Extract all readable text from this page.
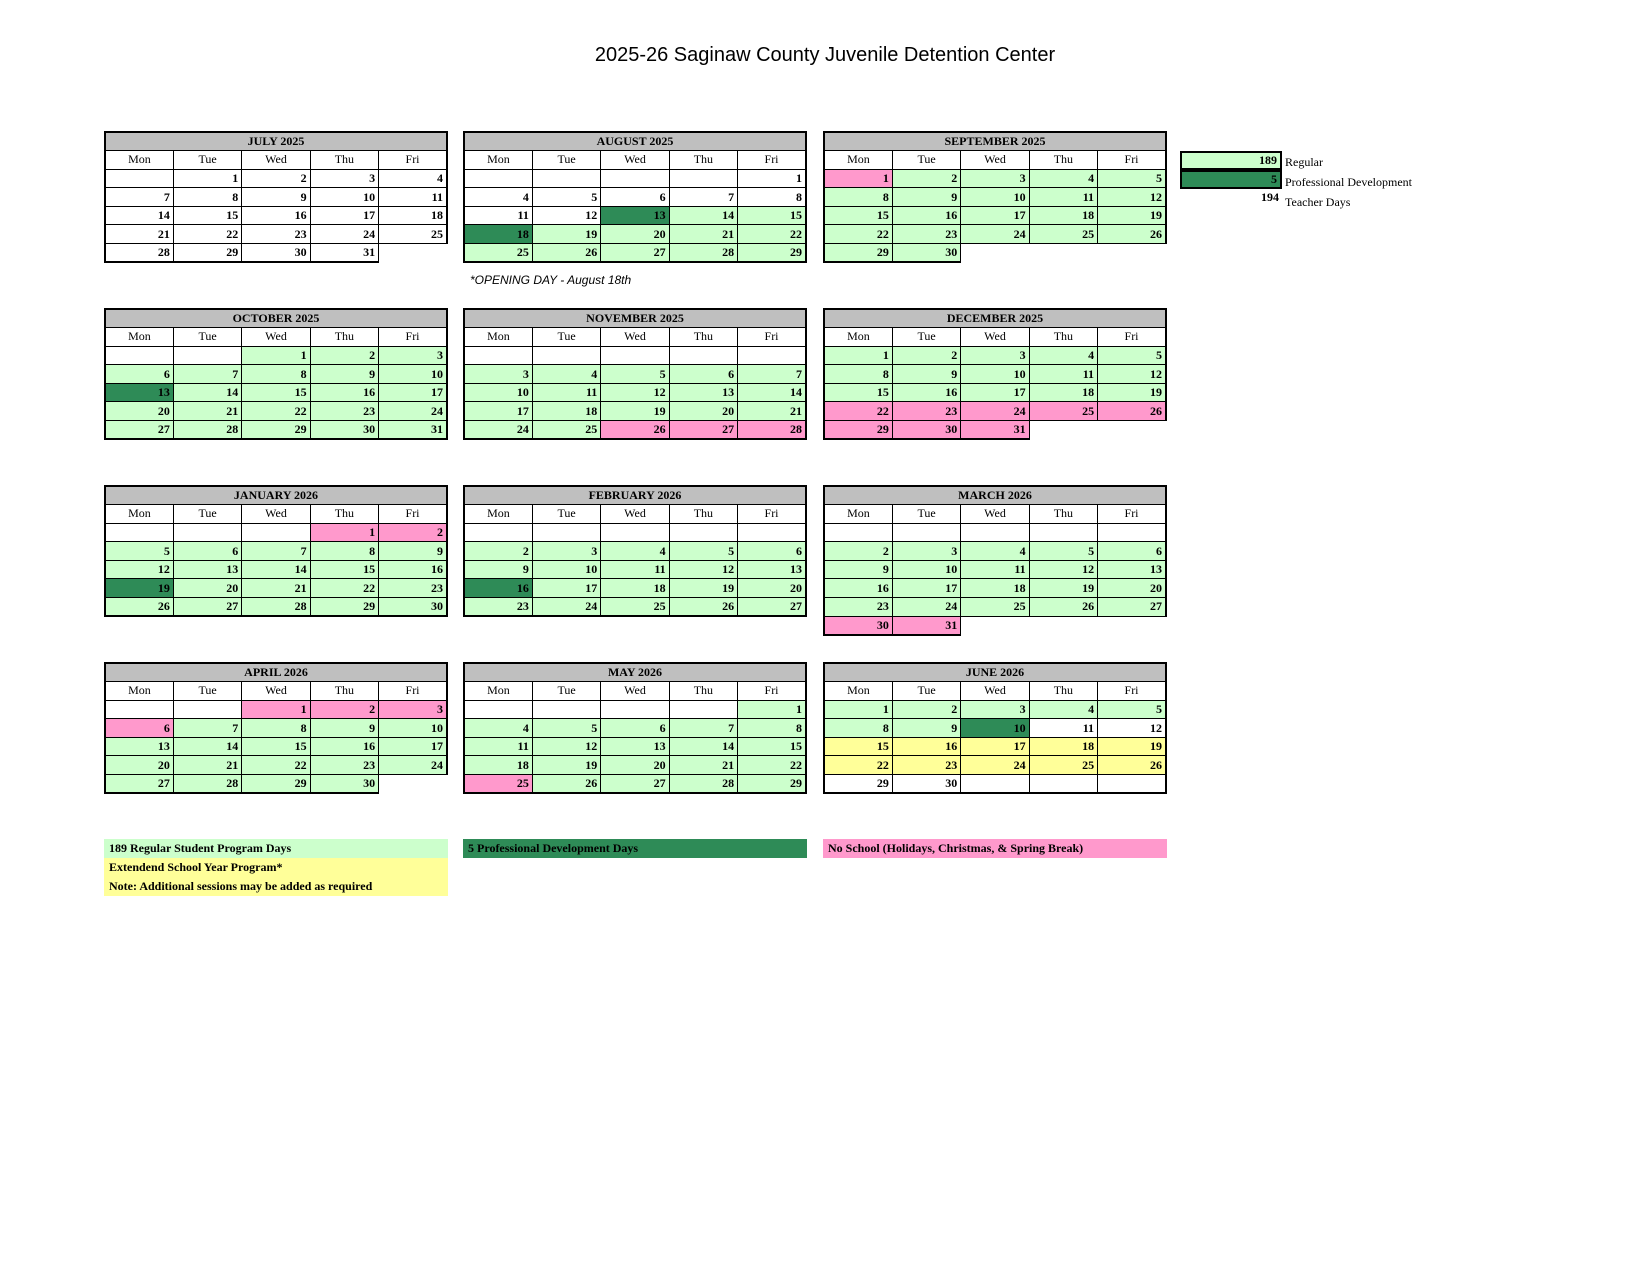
2025-26 Saginaw County Juvenile Detention Center
JULY 2025				
Mon	Tue	Wed	Thu	Fri
	1	2	3	4
7	8	9	10	11
14	15	16	17	18
21	22	23	24	25
28	29	30	31	
AUGUST 2025				
Mon	Tue	Wed	Thu	Fri
				1
4	5	6	7	8
11	12	13	14	15
18	19	20	21	22
25	26	27	28	29
SEPTEMBER 2025				
Mon	Tue	Wed	Thu	Fri
1	2	3	4	5
8	9	10	11	12
15	16	17	18	19
22	23	24	25	26
29	30			
OCTOBER 2025				
Mon	Tue	Wed	Thu	Fri
		1	2	3
6	7	8	9	10
13	14	15	16	17
20	21	22	23	24
27	28	29	30	31
NOVEMBER 2025				
Mon	Tue	Wed	Thu	Fri

3	4	5	6	7
10	11	12	13	14
17	18	19	20	21
24	25	26	27	28
DECEMBER 2025				
Mon	Tue	Wed	Thu	Fri
1	2	3	4	5
8	9	10	11	12
15	16	17	18	19
22	23	24	25	26
29	30	31		
JANUARY 2026				
Mon	Tue	Wed	Thu	Fri
			1	2
5	6	7	8	9
12	13	14	15	16
19	20	21	22	23
26	27	28	29	30
FEBRUARY 2026				
Mon	Tue	Wed	Thu	Fri

2	3	4	5	6
9	10	11	12	13
16	17	18	19	20
23	24	25	26	27
MARCH 2026				
Mon	Tue	Wed	Thu	Fri

2	3	4	5	6
9	10	11	12	13
16	17	18	19	20
23	24	25	26	27
30	31			
APRIL 2026				
Mon	Tue	Wed	Thu	Fri
		1	2	3
6	7	8	9	10
13	14	15	16	17
20	21	22	23	24
27	28	29	30	
MAY 2026				
Mon	Tue	Wed	Thu	Fri
				1
4	5	6	7	8
11	12	13	14	15
18	19	20	21	22
25	26	27	28	29
JUNE 2026				
Mon	Tue	Wed	Thu	Fri
1	2	3	4	5
8	9	10	11	12
15	16	17	18	19
22	23	24	25	26
29	30			
*OPENING DAY - August 18th
189 Regular
5 Professional Development
194 Teacher Days
189 Regular Student Program Days
Extendend School Year Program*
Note: Additional sessions may be added as required
5 Professional Development Days	No School (Holidays, Christmas, & Spring Break)
